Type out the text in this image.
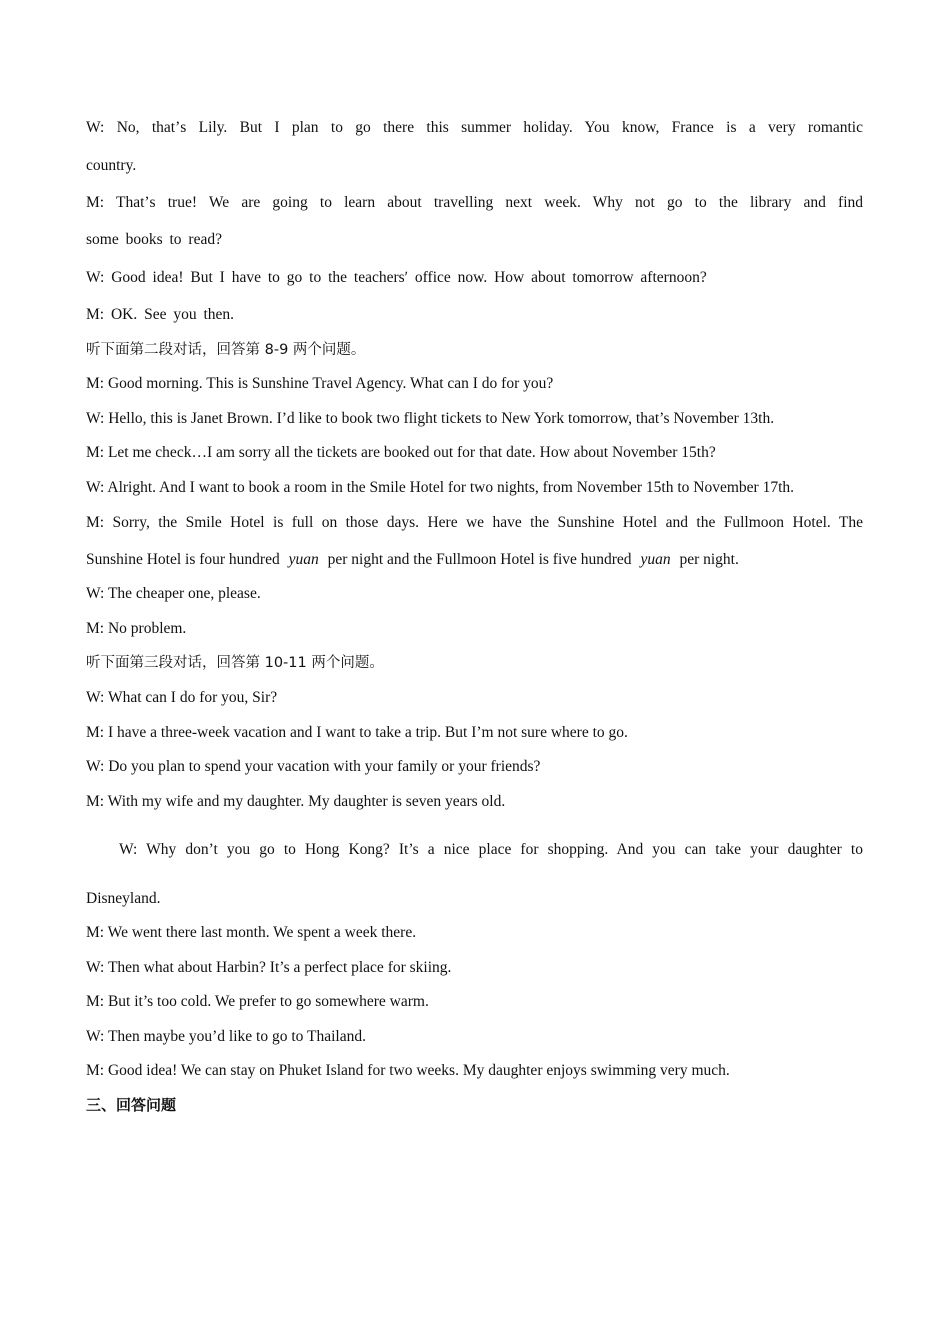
W: No, thatʼs Lily. But I plan to go there this summer holiday. You know, France is a very romantic
country.
M: Thatʼs true! We are going to learn about travelling next week. Why not go to the library and find
some books to read?
W: Good idea! But I have to go to the teachersʹ office now. How about tomorrow afternoon?
M: OK. See you then.
听下面第二段对话，回答第 8-9 两个问题。
M: Good morning. This is Sunshine Travel Agency. What can I do for you?
W: Hello, this is Janet Brown. I’d like to book two flight tickets to New York tomorrow, that’s November 13th.
M: Let me check…I am sorry all the tickets are booked out for that date. How about November 15th?
W: Alright. And I want to book a room in the Smile Hotel for two nights, from November 15th to November 17th.
M: Sorry, the Smile Hotel is full on those days. Here we have the Sunshine Hotel and the Fullmoon Hotel. The
Sunshine Hotel is four hundred yuan per night and the Fullmoon Hotel is five hundred yuan per night.
W: The cheaper one, please.
M: No problem.
听下面第三段对话，回答第 10-11 两个问题。
W: What can I do for you, Sir?
M: I have a three-week vacation and I want to take a trip. But I’m not sure where to go.
W: Do you plan to spend your vacation with your family or your friends?
M: With my wife and my daughter. My daughter is seven years old.
W: Why don’t you go to Hong Kong? It’s a nice place for shopping. And you can take your daughter to
Disneyland.
M: We went there last month. We spent a week there.
W: Then what about Harbin? It’s a perfect place for skiing.
M: But it’s too cold. We prefer to go somewhere warm.
W: Then maybe you’d like to go to Thailand.
M: Good idea! We can stay on Phuket Island for two weeks. My daughter enjoys swimming very much.
三、回答问题
